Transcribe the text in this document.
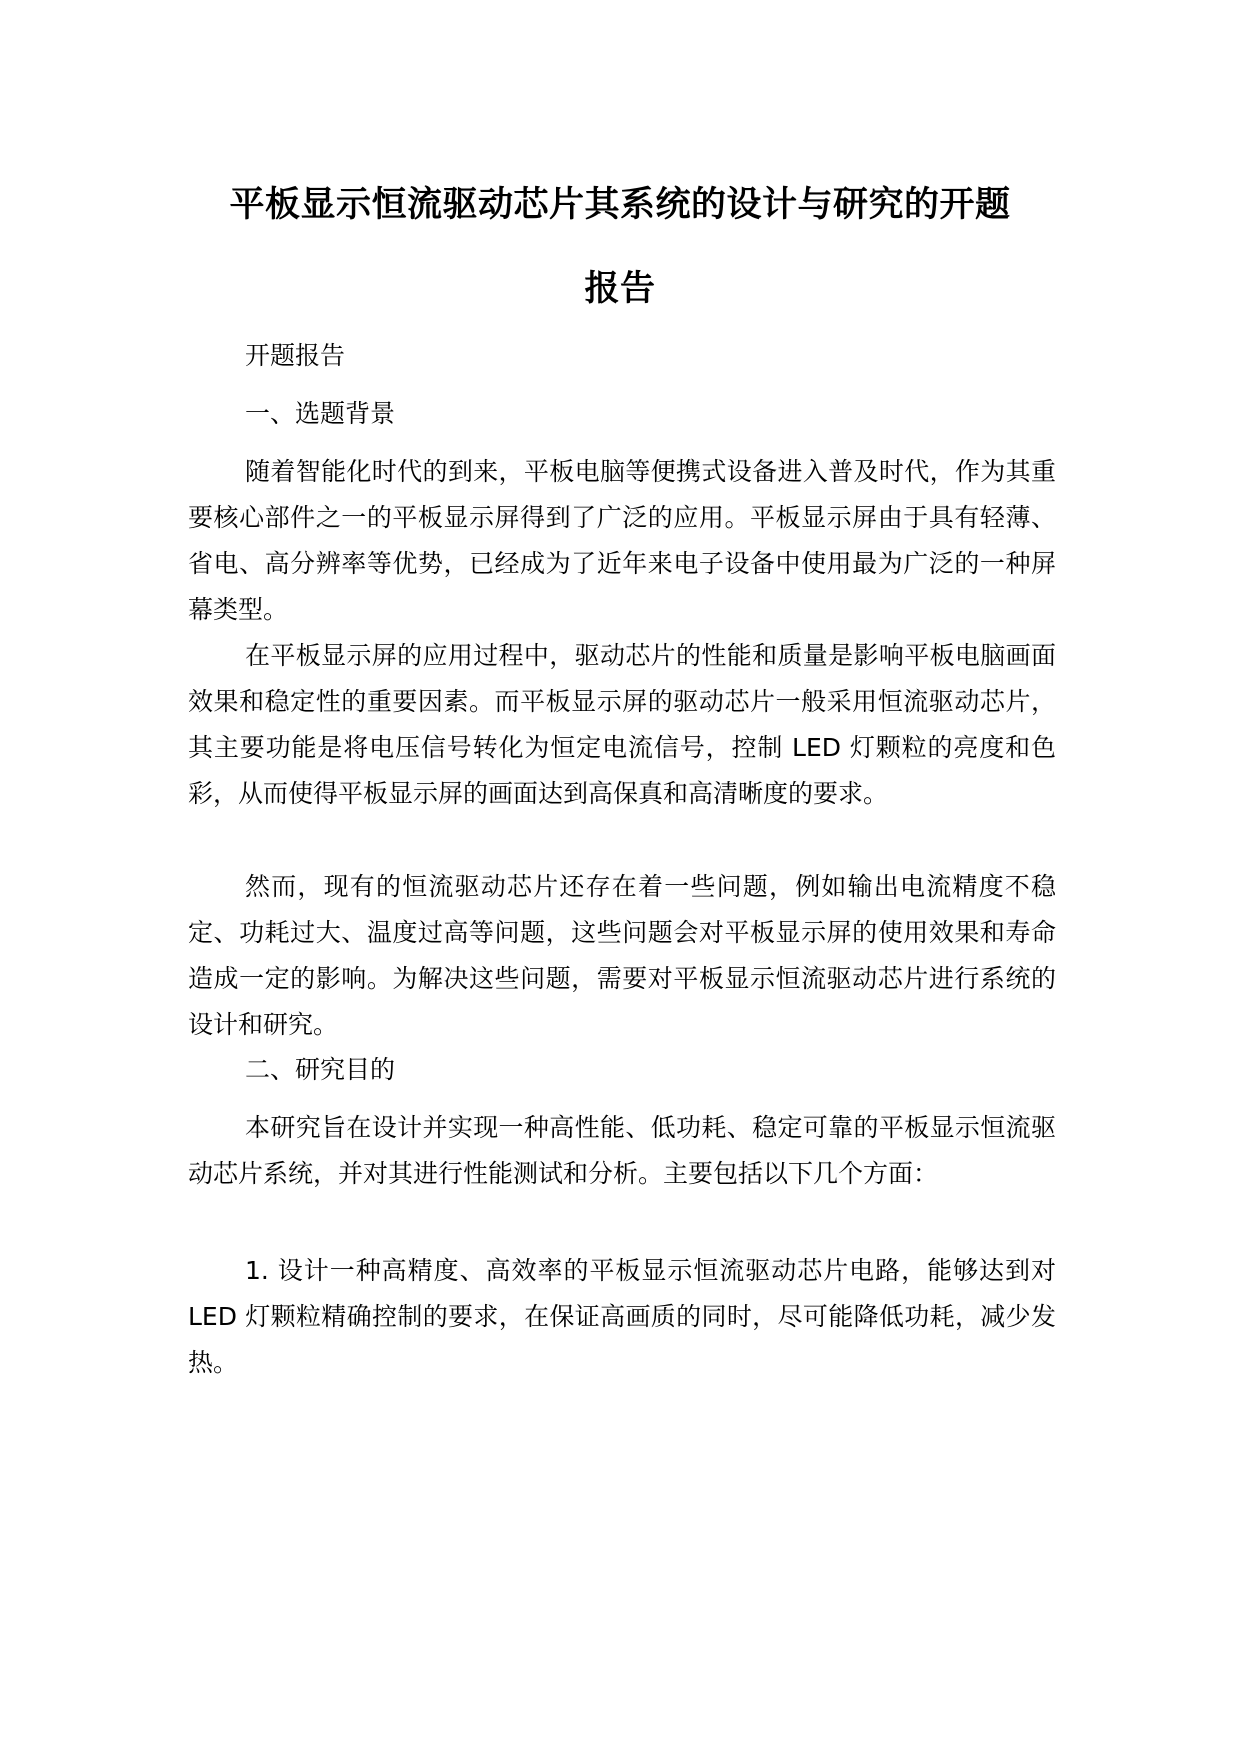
平板显示恒流驱动芯片其系统的设计与研究的开题
报告

开题报告

一、选题背景

随着智能化时代的到来，平板电脑等便携式设备进入普及时代，作为其重要核心部件之一的平板显示屏得到了广泛的应用。平板显示屏由于具有轻薄、省电、高分辨率等优势，已经成为了近年来电子设备中使用最为广泛的一种屏幕类型。

在平板显示屏的应用过程中，驱动芯片的性能和质量是影响平板电脑画面效果和稳定性的重要因素。而平板显示屏的驱动芯片一般采用恒流驱动芯片，其主要功能是将电压信号转化为恒定电流信号，控制 LED 灯颗粒的亮度和色彩，从而使得平板显示屏的画面达到高保真和高清晰度的要求。

然而，现有的恒流驱动芯片还存在着一些问题，例如输出电流精度不稳定、功耗过大、温度过高等问题，这些问题会对平板显示屏的使用效果和寿命造成一定的影响。为解决这些问题，需要对平板显示恒流驱动芯片进行系统的设计和研究。

二、研究目的

本研究旨在设计并实现一种高性能、低功耗、稳定可靠的平板显示恒流驱动芯片系统，并对其进行性能测试和分析。主要包括以下几个方面：

1. 设计一种高精度、高效率的平板显示恒流驱动芯片电路，能够达到对 LED 灯颗粒精确控制的要求，在保证高画质的同时，尽可能降低功耗，减少发热。
